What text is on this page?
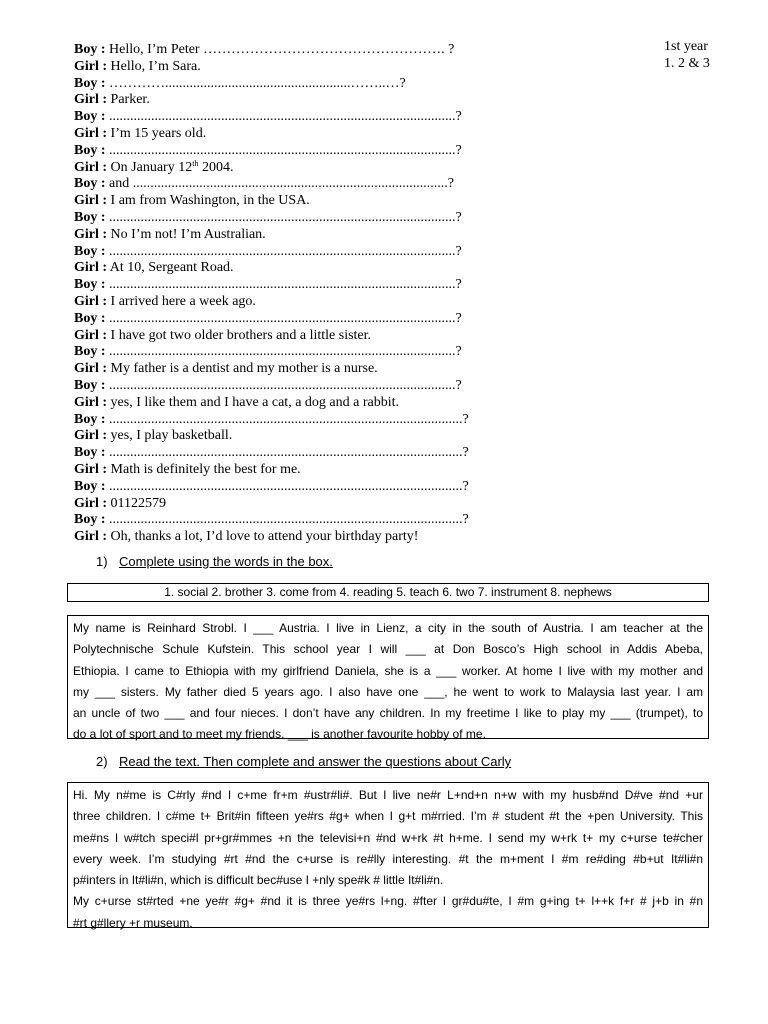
1st year
1. 2 & 3
Boy : Hello, I’m Peter ……………………………………………. ?
Girl : Hello, I’m Sara.
Boy : ………….....................................................……..…?
Girl : Parker.
Boy : ...................................................................................................?
Girl : I’m 15 years old.
Boy : ...................................................................................................?
Girl : On January 12th 2004.
Boy : and ..........................................................................................?
Girl : I am from Washington, in the USA.
Boy : ...................................................................................................?
Girl : No I’m not! I’m Australian.
Boy : ...................................................................................................?
Girl : At 10, Sergeant Road.
Boy : ...................................................................................................?
Girl : I arrived here a week ago.
Boy : ...................................................................................................?
Girl : I have got two older brothers and a little sister.
Boy : ...................................................................................................?
Girl : My father is a dentist and my mother is a nurse.
Boy : ...................................................................................................?
Girl : yes, I like them and I have a cat, a dog and a rabbit.
Boy : .....................................................................................................?
Girl : yes, I play basketball.
Boy : .....................................................................................................?
Girl : Math is definitely the best for me.
Boy : .....................................................................................................?
Girl : 01122579
Boy : .....................................................................................................?
Girl : Oh, thanks a lot, I’d love to attend your birthday party!
1) Complete using the words in the box.
1. social 2. brother 3. come from 4. reading 5. teach 6. two 7. instrument 8. nephews
My name is Reinhard Strobl. I ___ Austria. I live in Lienz, a city in the south of Austria. I am teacher at the
Polytechnische Schule Kufstein. This school year I will ___ at Don Bosco’s High school in Addis Abeba,
Ethiopia. I came to Ethiopia with my girlfriend Daniela, she is a ___ worker. At home I live with my mother and
my ___ sisters. My father died 5 years ago. I also have one ___, he went to work to Malaysia last year. I am
an uncle of two ___ and four nieces. I don’t have any children. In my freetime I like to play my ___ (trumpet), to
do a lot of sport and to meet my friends. ___ is another favourite hobby of me.
2) Read the text. Then complete and answer the questions about Carly
Hi. My n#me is C#rly #nd I c+me fr+m #ustr#li#. But I live ne#r L+nd+n n+w with my husb#nd D#ve #nd +ur
three children. I c#me t+ Brit#in fifteen ye#rs #g+ when I g+t m#rried. I’m # student #t the +pen University. This
me#ns I w#tch speci#l pr+gr#mmes +n the televisi+n #nd w+rk #t h+me. I send my w+rk t+ my c+urse te#cher
every week. I’m studying #rt #nd the c+urse is re#lly interesting. #t the m+ment I #m re#ding #b+ut It#li#n
p#inters in It#li#n, which is difficult bec#use I +nly spe#k # little It#li#n.
My c+urse st#rted +ne ye#r #g+ #nd it is three ye#rs l+ng. #fter I gr#du#te, I #m g+ing t+ l++k f+r # j+b in #n
#rt g#llery +r museum.
